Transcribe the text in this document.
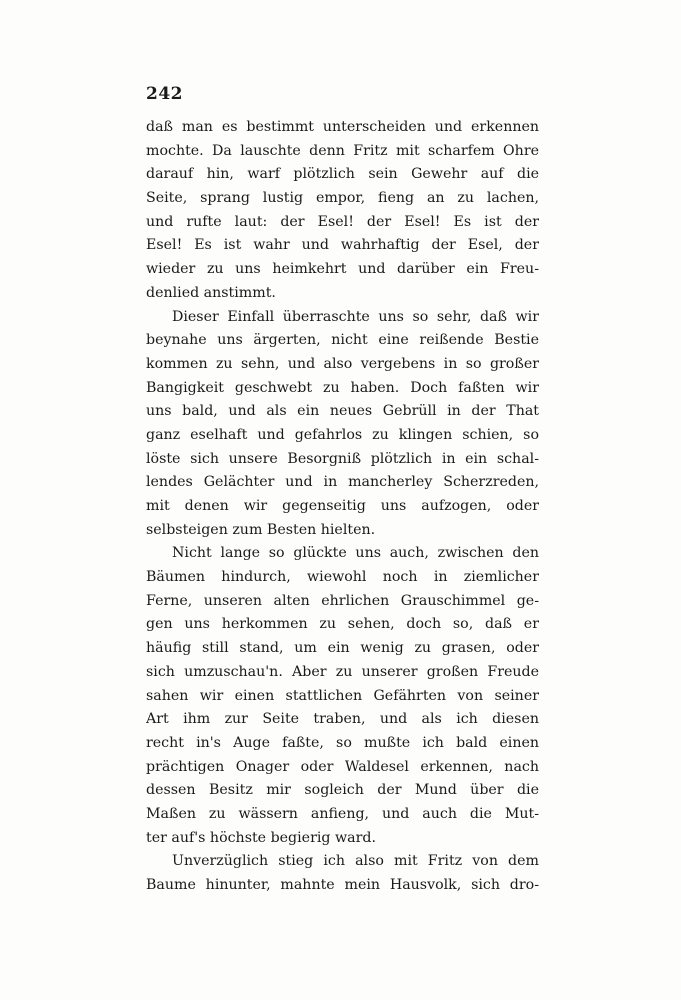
242
daß man es bestimmt unterscheiden und erkennen
mochte. Da lauschte denn Fritz mit scharfem Ohre
darauf hin, warf plötzlich sein Gewehr auf die
Seite, sprang lustig empor, fieng an zu lachen,
und rufte laut: der Esel! der Esel! Es ist der
Esel! Es ist wahr und wahrhaftig der Esel, der
wieder zu uns heimkehrt und darüber ein Freu-
denlied anstimmt.
Dieser Einfall überraschte uns so sehr, daß wir
beynahe uns ärgerten, nicht eine reißende Bestie
kommen zu sehn, und also vergebens in so großer
Bangigkeit geschwebt zu haben. Doch faßten wir
uns bald, und als ein neues Gebrüll in der That
ganz eselhaft und gefahrlos zu klingen schien, so
löste sich unsere Besorgniß plötzlich in ein schal-
lendes Gelächter und in mancherley Scherzreden,
mit denen wir gegenseitig uns aufzogen, oder
selbsteigen zum Besten hielten.
Nicht lange so glückte uns auch, zwischen den
Bäumen hindurch, wiewohl noch in ziemlicher
Ferne, unseren alten ehrlichen Grauschimmel ge-
gen uns herkommen zu sehen, doch so, daß er
häufig still stand, um ein wenig zu grasen, oder
sich umzuschau'n. Aber zu unserer großen Freude
sahen wir einen stattlichen Gefährten von seiner
Art ihm zur Seite traben, und als ich diesen
recht in's Auge faßte, so mußte ich bald einen
prächtigen Onager oder Waldesel erkennen, nach
dessen Besitz mir sogleich der Mund über die
Maßen zu wässern anfieng, und auch die Mut-
ter auf's höchste begierig ward.
Unverzüglich stieg ich also mit Fritz von dem
Baume hinunter, mahnte mein Hausvolk, sich dro-
